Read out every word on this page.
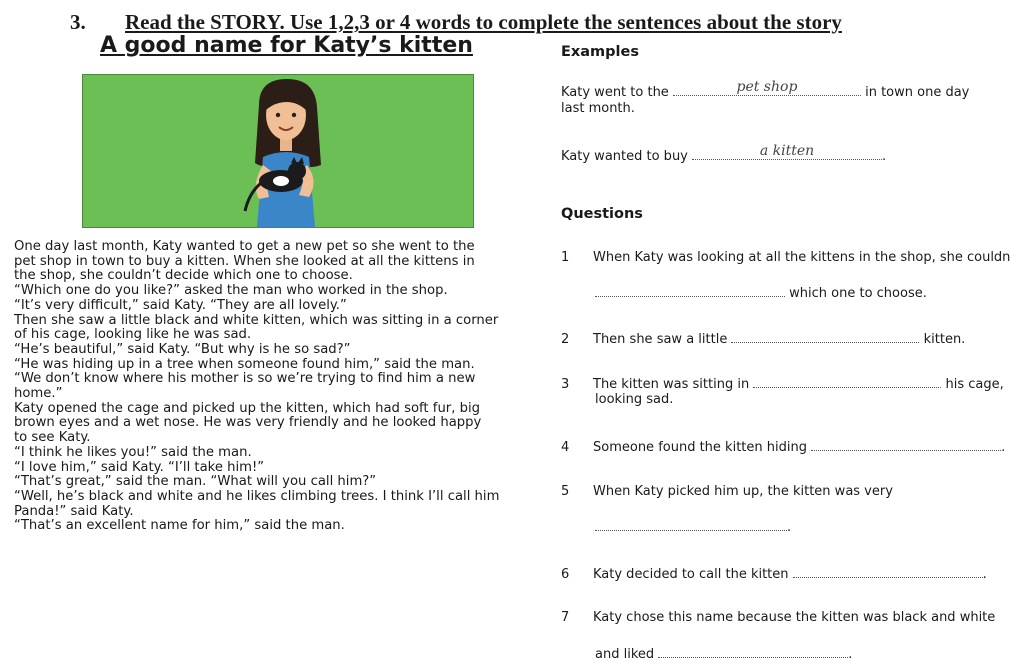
3. Read the STORY. Use 1,2,3 or 4 words to complete the sentences about the story
A good name for Katy’s kitten

One day last month, Katy wanted to get a new pet so she went to the

pet shop in town to buy a kitten. When she looked at all the kittens in

the shop, she couldn’t decide which one to choose.

“Which one do you like?” asked the man who worked in the shop.

“It’s very difficult,” said Katy. “They are all lovely.”

Then she saw a little black and white kitten, which was sitting in a corner

of his cage, looking like he was sad.

“He’s beautiful,” said Katy. “But why is he so sad?”

“He was hiding up in a tree when someone found him,” said the man.

“We don’t know where his mother is so we’re trying to find him a new

home.”

Katy opened the cage and picked up the kitten, which had soft fur, big

brown eyes and a wet nose. He was very friendly and he looked happy

to see Katy.

“I think he likes you!” said the man.

“I love him,” said Katy. “I’ll take him!”

“That’s great,” said the man. “What will you call him?”

“Well, he’s black and white and he likes climbing trees. I think I’ll call him

Panda!” said Katy.

“That’s an excellent name for him,” said the man.

Examples
Katy went to the	pet shop	in town one day
last month.
Katy wanted to buy	a kitten	.
Questions
1 When Katy was looking at all the kittens in the shop, she couldn
which one to choose.
2 Then she saw a little	kitten.
3 The kitten was sitting in	his cage,
looking sad.
4 Someone found the kitten hiding	.
5 When Katy picked him up, the kitten was very
.
6 Katy decided to call the kitten	.
7 Katy chose this name because the kitten was black and white
and liked	.
